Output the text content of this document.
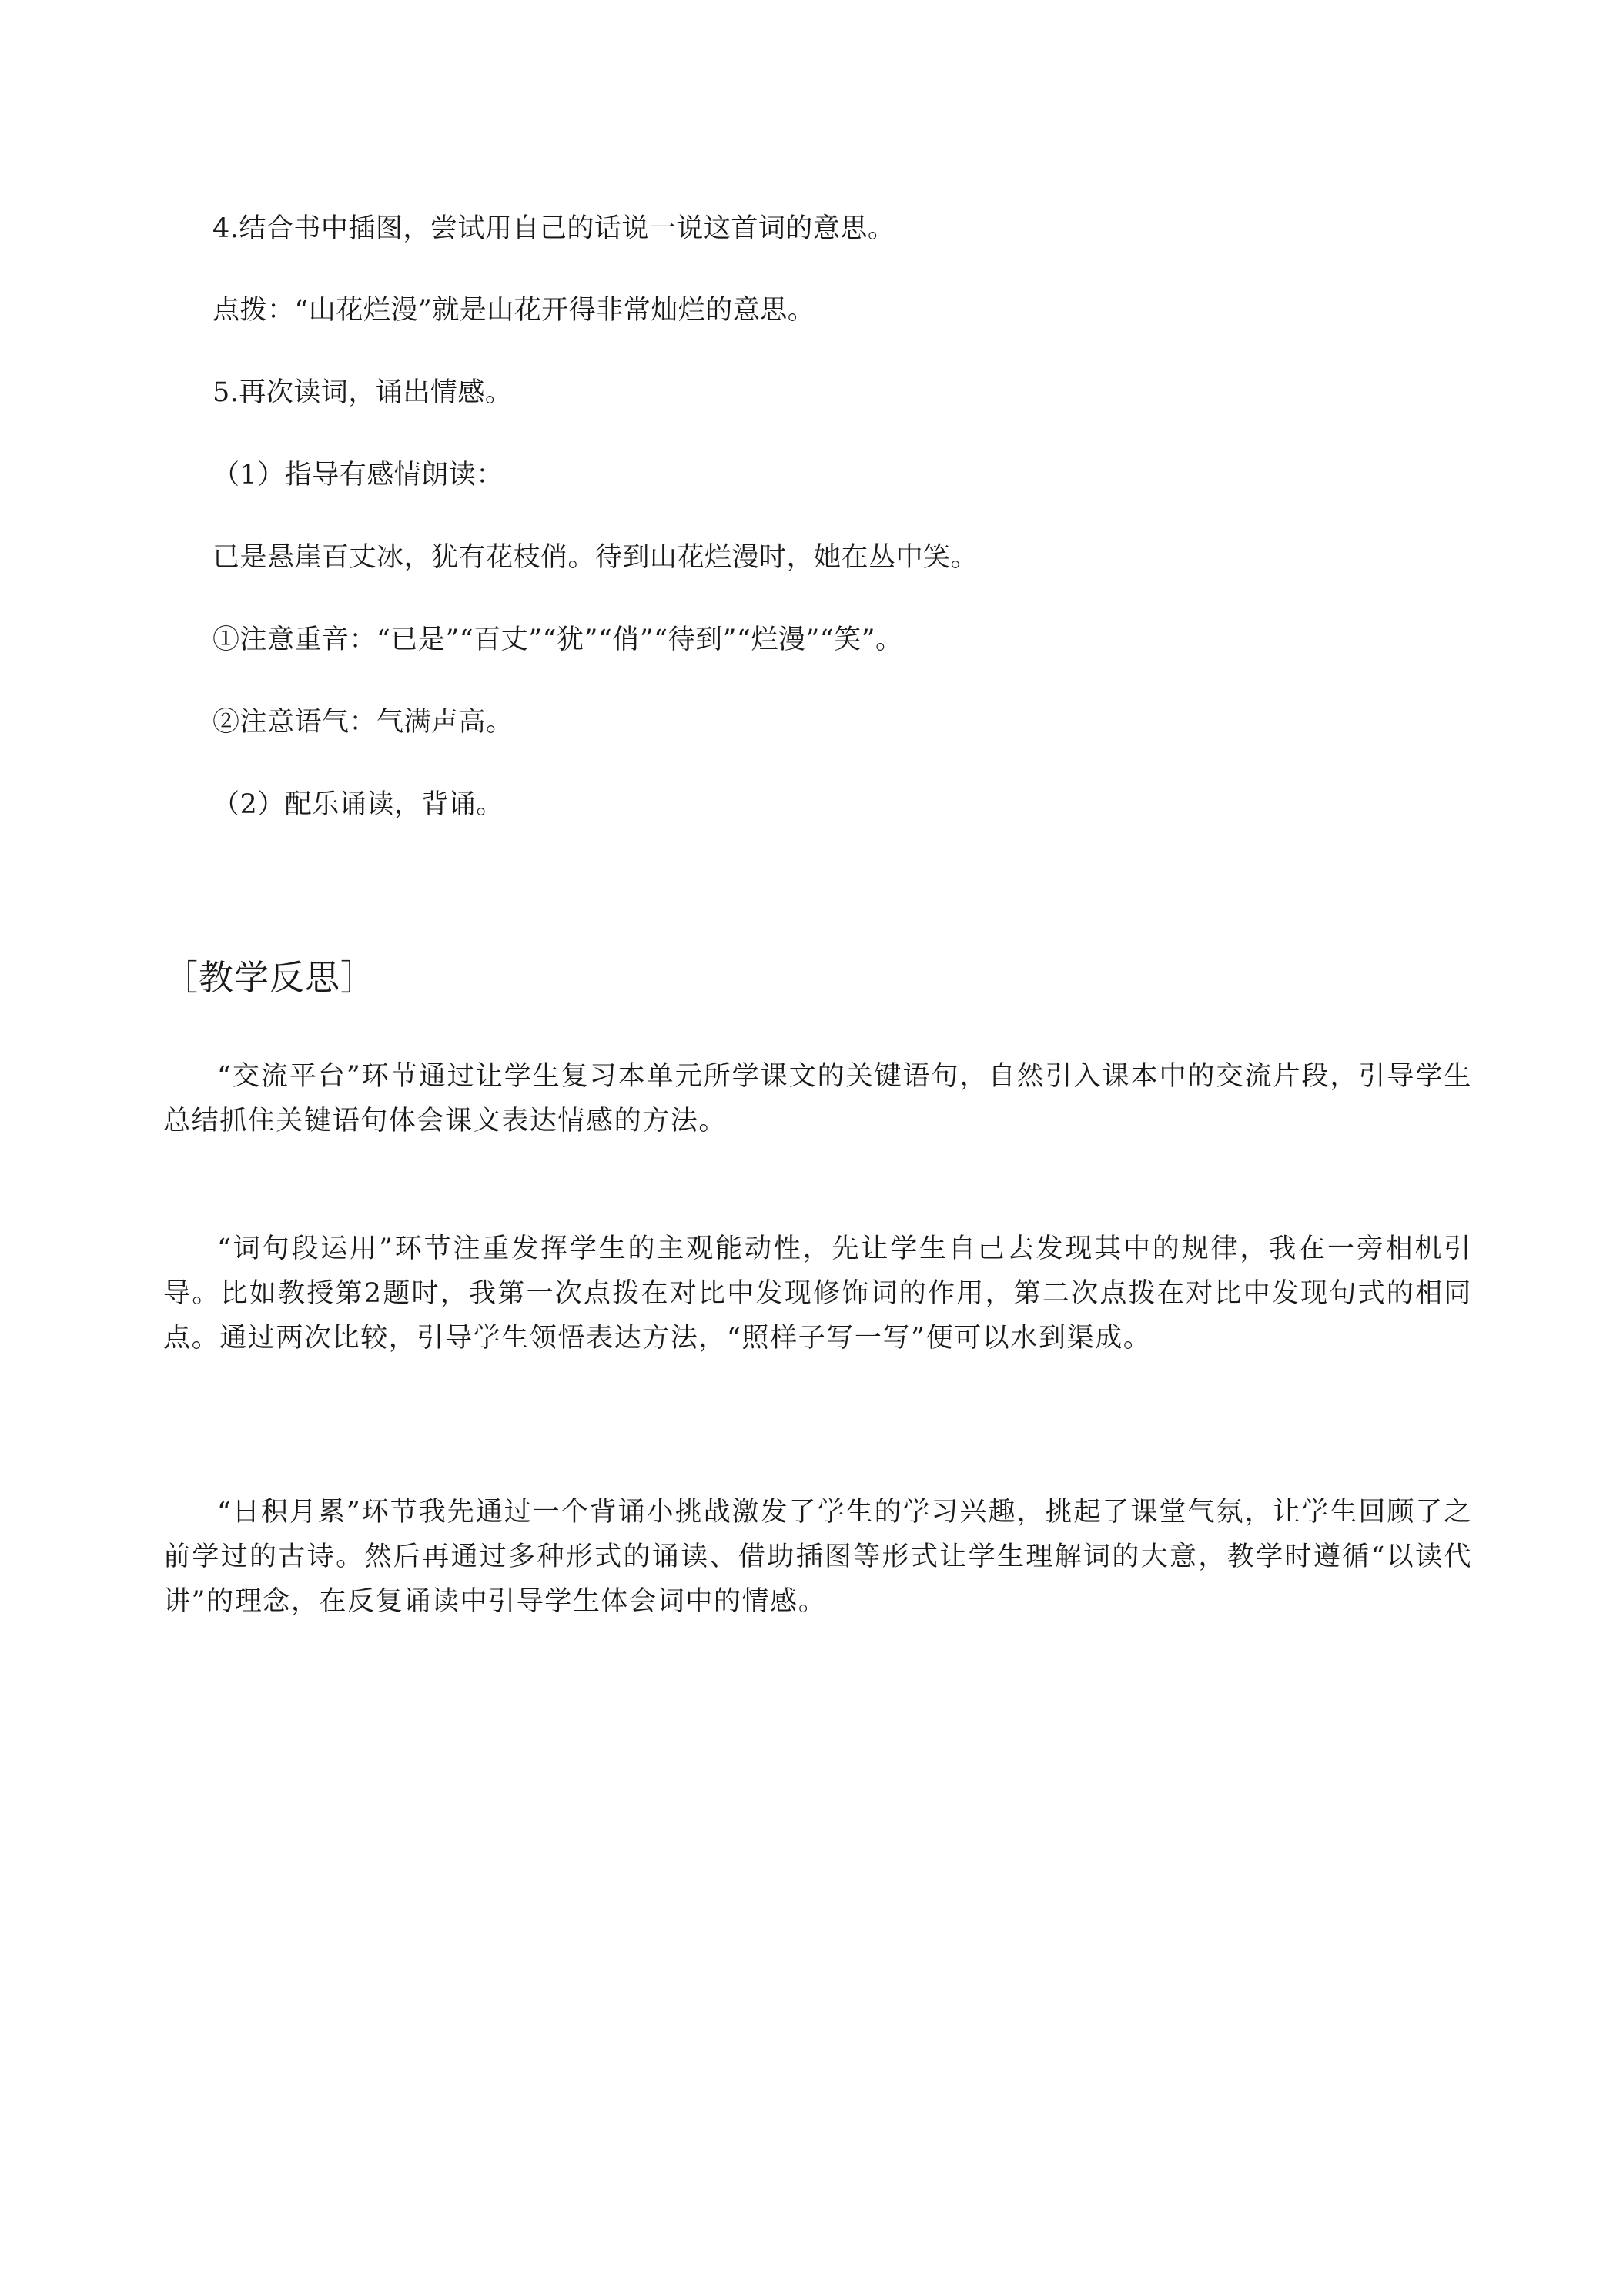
4.结合书中插图，尝试用自己的话说一说这首词的意思。
点拨：“山花烂漫”就是山花开得非常灿烂的意思。
5.再次读词，诵出情感。
（1）指导有感情朗读：
已是悬崖百丈冰，犹有花枝俏。待到山花烂漫时，她在丛中笑。
①注意重音：“已是”“百丈”“犹”“俏”“待到”“烂漫”“笑”。
②注意语气：气满声高。
（2）配乐诵读，背诵。
［教学反思］
“交流平台”环节通过让学生复习本单元所学课文的关键语句，自然引入课本中的交流片段，引导学生总结抓住关键语句体会课文表达情感的方法。
“词句段运用”环节注重发挥学生的主观能动性，先让学生自己去发现其中的规律，我在一旁相机引导。比如教授第2题时，我第一次点拨在对比中发现修饰词的作用，第二次点拨在对比中发现句式的相同点。通过两次比较，引导学生领悟表达方法，“照样子写一写”便可以水到渠成。
“日积月累”环节我先通过一个背诵小挑战激发了学生的学习兴趣，挑起了课堂气氛，让学生回顾了之前学过的古诗。然后再通过多种形式的诵读、借助插图等形式让学生理解词的大意，教学时遵循“以读代讲”的理念，在反复诵读中引导学生体会词中的情感。
